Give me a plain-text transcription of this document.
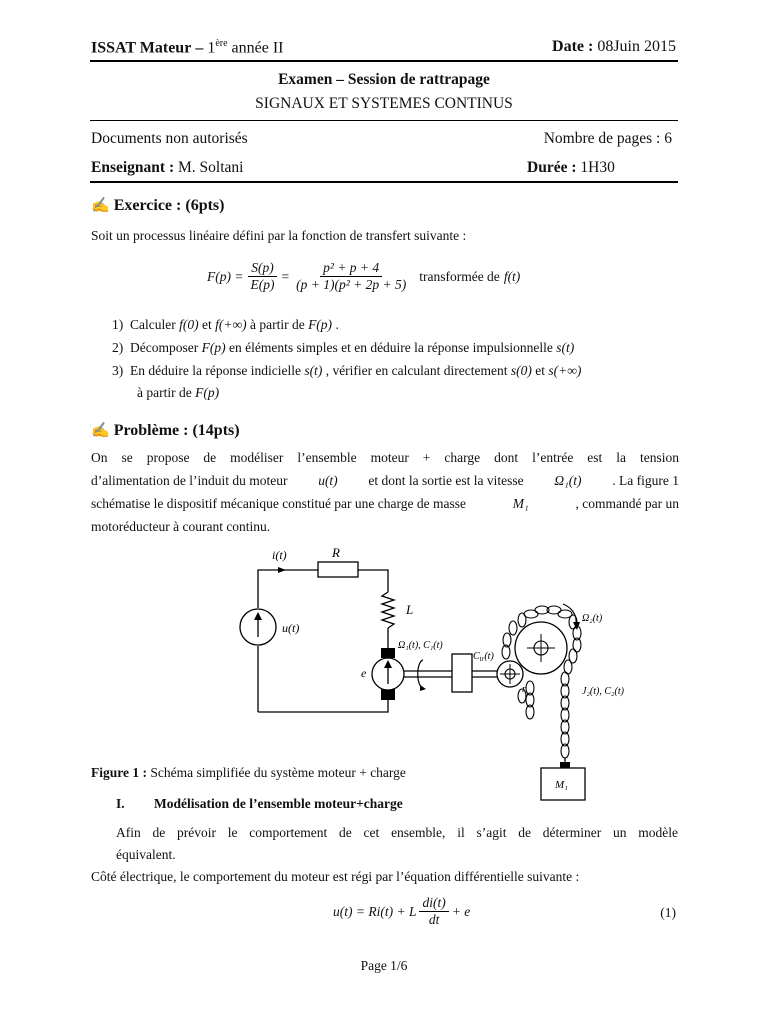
ISSAT Mateur – 1ère année II	Date : 08Juin 2015
Examen – Session de rattrapage
SIGNAUX ET SYSTEMES CONTINUS
Documents non autorisés	Nombre de pages : 6
Enseignant : M. Soltani	Durée : 1H30
✍ Exercice : (6pts)
Soit un processus linéaire défini par la fonction de transfert suivante :
$F(p) = \frac{S(p)}{E(p)} = \frac{\text{p² + p + 4}}{\text{(p + 1)(p² + 2p + 5)}}$ transformée de f(t)
1) Calculer f(0) et f(+∞) à partir de F(p) .
2) Décomposer F(p) en éléments simples et en déduire la réponse impulsionnelle s(t)
3) En déduire la réponse indicielle s(t) , vérifier en calculant directement s(0) et s(+∞)
à partir de F(p)
✍ Problème : (14pts)
On se propose de modéliser l’ensemble moteur + charge dont l’entrée est la tension
d’alimentation de l’induit du moteur u(t) et dont la sortie est la vitesse Ω₁(t) . La figure 1
schématise le dispositif mécanique constitué par une charge de masse	M₁	, commandé par un
motoréducteur à courant continu.
i(t)	R
L
u(t)
e
Ω₁(t), C₁(t)
$C_{tr}(t)$
Ω₂(t)
r	J₂(t), C₂(t)
M₁
Figure 1 : Schéma simplifiée du système moteur + charge
I. Modélisation de l’ensemble moteur+charge
Afin de prévoir le comportement de cet ensemble, il s’agit de déterminer un modèle
équivalent.
Côté électrique, le comportement du moteur est régi par l’équation différentielle suivante :
u(t) = Ri(t) + L $\frac{di(t)}{dt} + e$	(1)
Page 1/6
